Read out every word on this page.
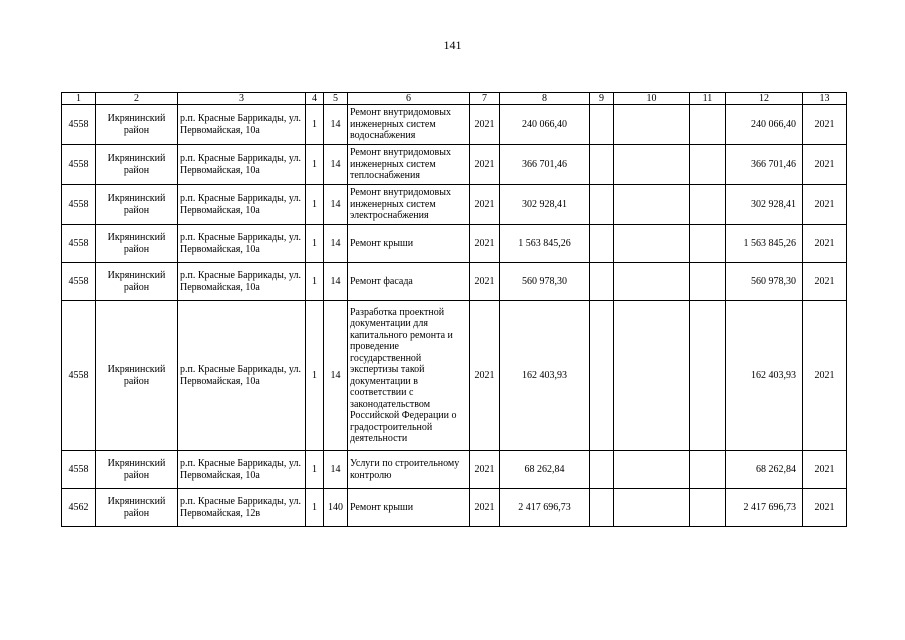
141
1	2	3	4	5	6	7	8	9	10	11	12	13
4558	Икрянинский район	р.п. Красные Баррикады, ул. Первомайская, 10а	1	14	Ремонт внутридомовых инженерных систем водоснабжения	2021	240 066,40				240 066,40	2021
4558	Икрянинский район	р.п. Красные Баррикады, ул. Первомайская, 10а	1	14	Ремонт внутридомовых инженерных систем теплоснабжения	2021	366 701,46				366 701,46	2021
4558	Икрянинский район	р.п. Красные Баррикады, ул. Первомайская, 10а	1	14	Ремонт внутридомовых инженерных систем электроснабжения	2021	302 928,41				302 928,41	2021
4558	Икрянинский район	р.п. Красные Баррикады, ул. Первомайская, 10а	1	14	Ремонт крыши	2021	1 563 845,26				1 563 845,26	2021
4558	Икрянинский район	р.п. Красные Баррикады, ул. Первомайская, 10а	1	14	Ремонт фасада	2021	560 978,30				560 978,30	2021
4558	Икрянинский район	р.п. Красные Баррикады, ул. Первомайская, 10а	1	14	Разработка проектной документации для капитального ремонта и проведение государственной экспертизы такой документации в соответствии с законодательством Российской Федерации о градостроительной деятельности	2021	162 403,93				162 403,93	2021
4558	Икрянинский район	р.п. Красные Баррикады, ул. Первомайская, 10а	1	14	Услуги по строительному контролю	2021	68 262,84				68 262,84	2021
4562	Икрянинский район	р.п. Красные Баррикады, ул. Первомайская, 12в	1	140	Ремонт крыши	2021	2 417 696,73				2 417 696,73	2021
